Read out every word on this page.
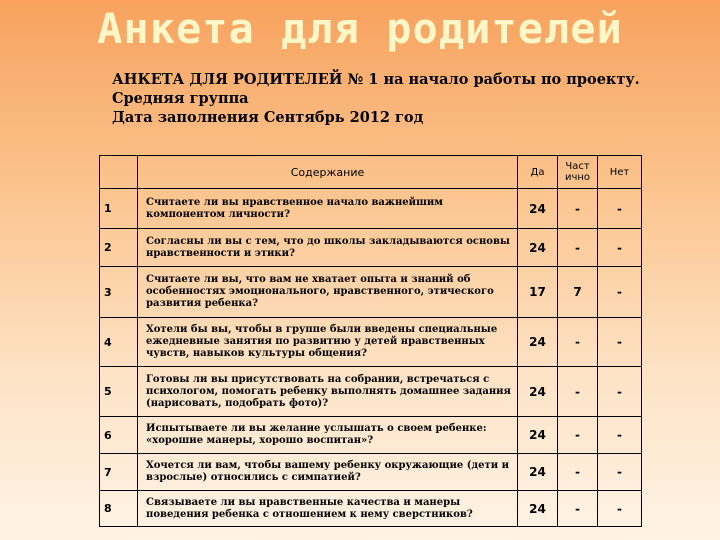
Анкета для родителей
АНКЕТА ДЛЯ РОДИТЕЛЕЙ № 1 на начало работы по проекту.
Средняя группа
Дата заполнения Сентябрь 2012 год
	Содержание	Да	Част ично	Нет
1	Считаете ли вы нравственное начало важнейшим компонентом личности?	24	-	-
2	Согласны ли вы с тем, что до школы закладываются основы нравственности и этики?	24	-	-
3	Считаете ли вы, что вам не хватает опыта и знаний об особенностях эмоционального, нравственного, этического развития ребенка?	17	7	-
4	Хотели бы вы, чтобы в группе были введены специальные ежедневные занятия по развитию у детей нравственных чувств, навыков культуры общения?	24	-	-
5	Готовы ли вы присутствовать на собрании, встречаться с психологом, помогать ребенку выполнять домашнее задания (нарисовать, подобрать фото)?	24	-	-
6	Испытываете ли вы желание услышать о своем ребенке: «хорошие манеры, хорошо воспитан»?	24	-	-
7	Хочется ли вам, чтобы вашему ребенку окружающие (дети и взрослые) относились с симпатией?	24	-	-
8	Связываете ли вы нравственные качества и манеры поведения ребенка с отношением к нему сверстников?	24	-	-
